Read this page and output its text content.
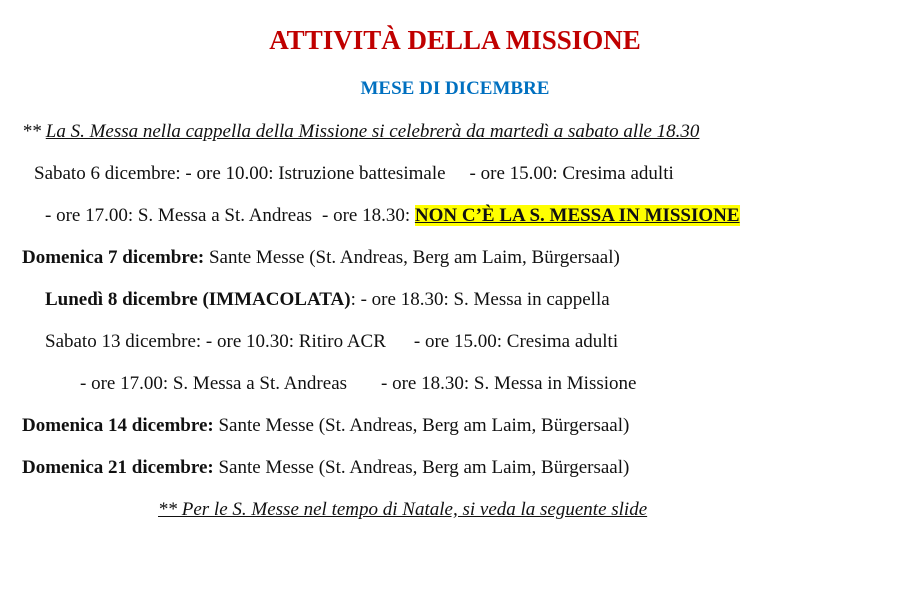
ATTIVITÀ DELLA MISSIONE
MESE DI DICEMBRE
** La S. Messa nella cappella della Missione si celebrerà da martedì a sabato alle 18.30
Sabato 6 dicembre: - ore 10.00: Istruzione battesimale - ore 15.00: Cresima adulti
- ore 17.00: S. Messa a St. Andreas - ore 18.30: NON C’È LA S. MESSA IN MISSIONE
Domenica 7 dicembre: Sante Messe (St. Andreas, Berg am Laim, Bürgersaal)
Lunedì 8 dicembre (IMMACOLATA): - ore 18.30: S. Messa in cappella
Sabato 13 dicembre: - ore 10.30: Ritiro ACR - ore 15.00: Cresima adulti
- ore 17.00: S. Messa a St. Andreas - ore 18.30: S. Messa in Missione
Domenica 14 dicembre: Sante Messe (St. Andreas, Berg am Laim, Bürgersaal)
Domenica 21 dicembre: Sante Messe (St. Andreas, Berg am Laim, Bürgersaal)
** Per le S. Messe nel tempo di Natale, si veda la seguente slide
